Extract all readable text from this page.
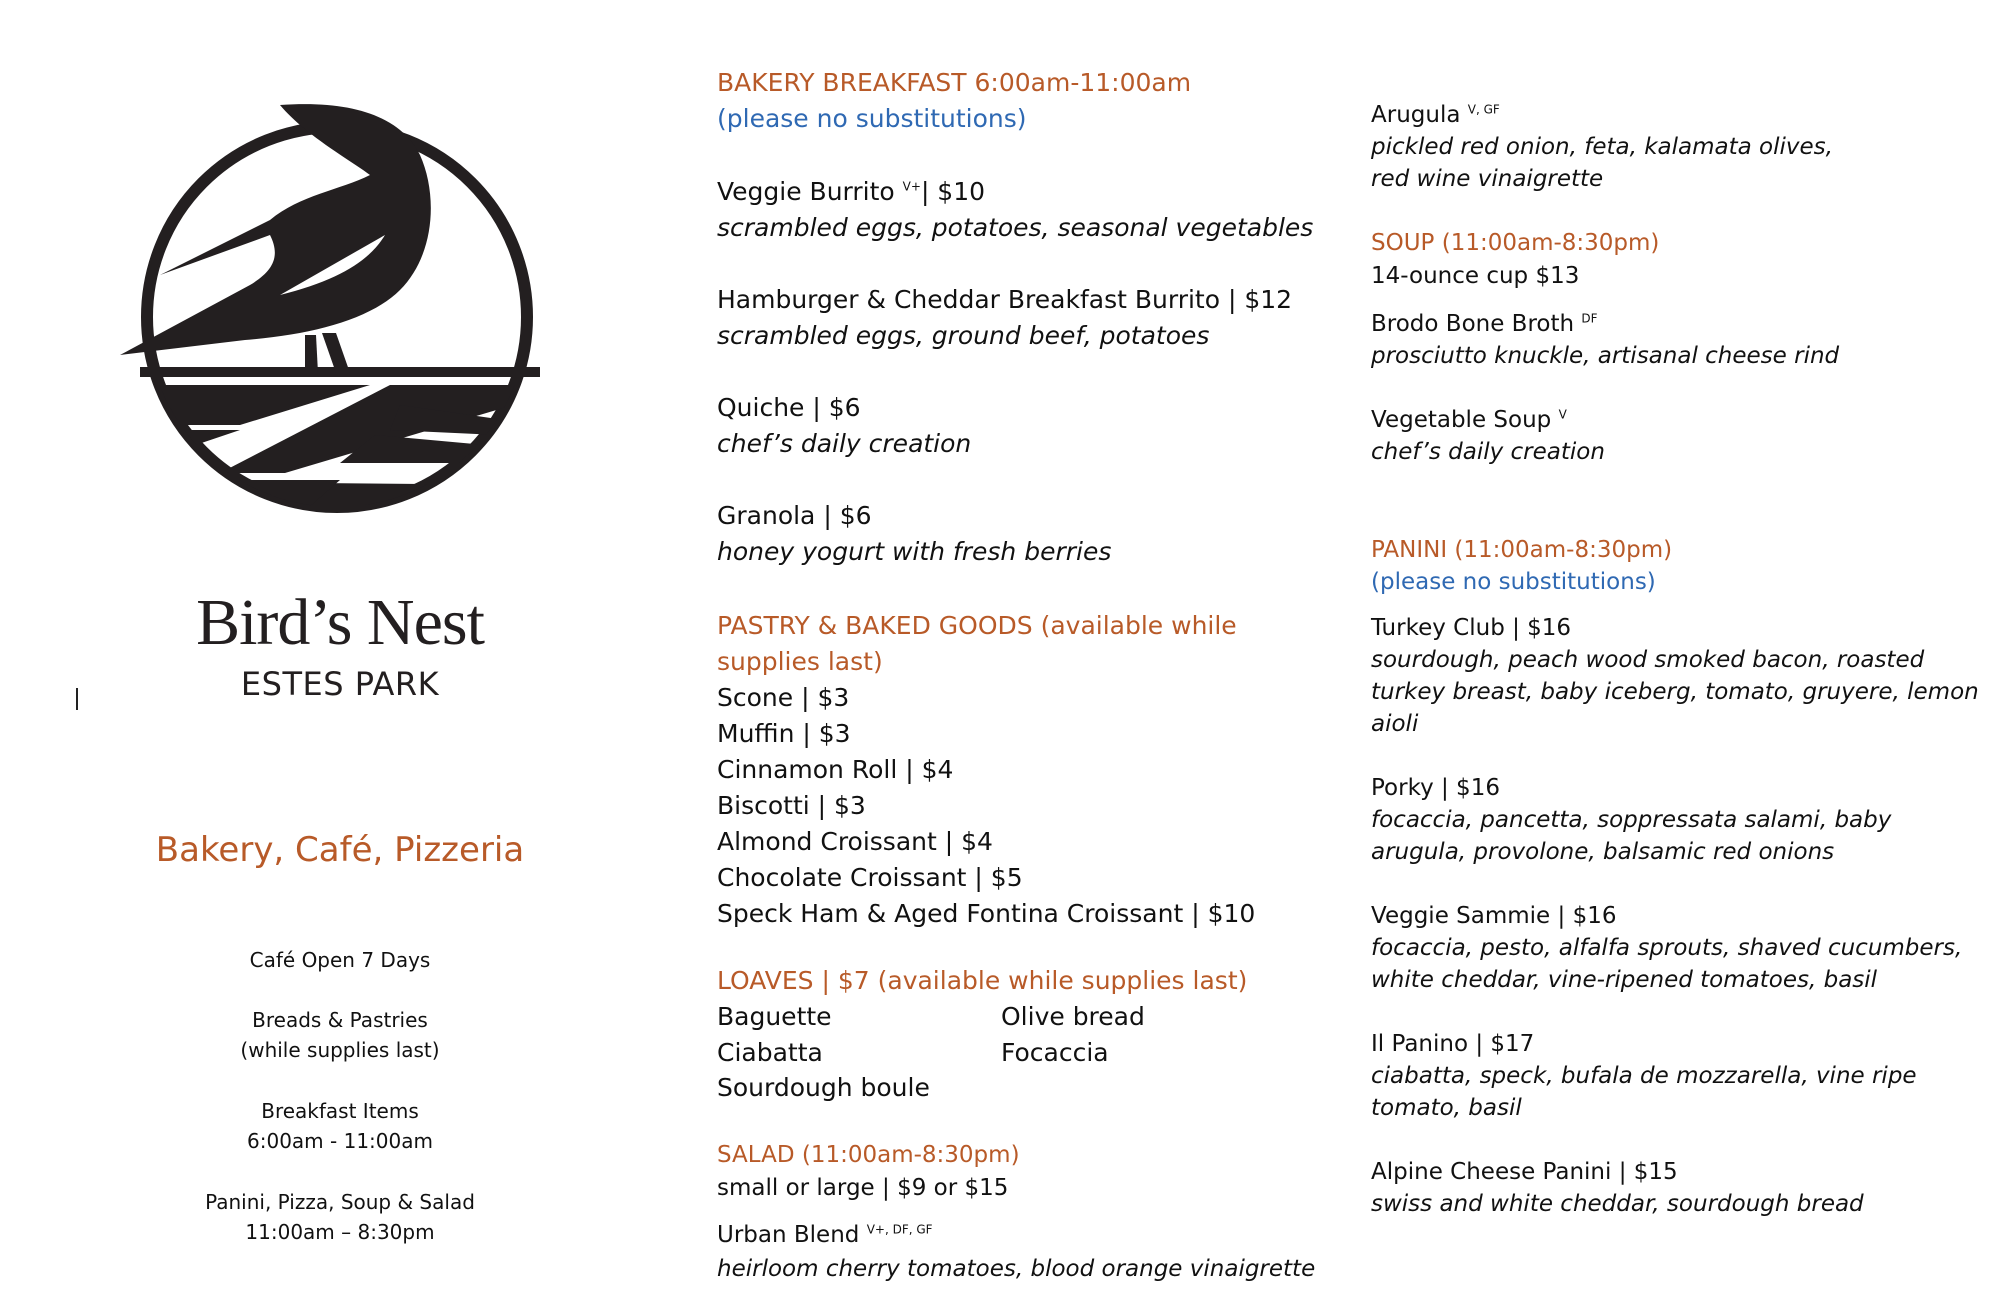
Bird’s Nest
ESTES PARK
Bakery, Café, Pizzeria
Café Open 7 Days
Breads & Pastries
(while supplies last)
Breakfast Items
6:00am - 11:00am
Panini, Pizza, Soup & Salad
11:00am – 8:30pm
BAKERY BREAKFAST 6:00am-11:00am
(please no substitutions)
Veggie Burrito $^{V+}$| $10
scrambled eggs, potatoes, seasonal vegetables
Hamburger & Cheddar Breakfast Burrito | $12
scrambled eggs, ground beef, potatoes
Quiche | $6
chef’s daily creation
Granola | $6
honey yogurt with fresh berries
PASTRY & BAKED GOODS (available while
supplies last)
Scone | $3
Muffin | $3
Cinnamon Roll | $4
Biscotti | $3
Almond Croissant | $4
Chocolate Croissant | $5
Speck Ham & Aged Fontina Croissant | $10
LOAVES | $7 (available while supplies last)
Baguette	Olive bread
Ciabatta	Focaccia
Sourdough boule
SALAD (11:00am-8:30pm)
small or large | $9 or $15
Urban Blend $^{V+, DF, GF}$
heirloom cherry tomatoes, blood orange vinaigrette
Arugula $^{V, GF}$
pickled red onion, feta, kalamata olives,
red wine vinaigrette
SOUP (11:00am-8:30pm)
14-ounce cup $13
Brodo Bone Broth $^{DF}$
prosciutto knuckle, artisanal cheese rind
Vegetable Soup $^V$
chef’s daily creation
PANINI (11:00am-8:30pm)
(please no substitutions)
Turkey Club | $16
sourdough, peach wood smoked bacon, roasted
turkey breast, baby iceberg, tomato, gruyere, lemon
aioli
Porky | $16
focaccia, pancetta, soppressata salami, baby
arugula, provolone, balsamic red onions
Veggie Sammie | $16
focaccia, pesto, alfalfa sprouts, shaved cucumbers,
white cheddar, vine-ripened tomatoes, basil
Il Panino | $17
ciabatta, speck, bufala de mozzarella, vine ripe
tomato, basil
Alpine Cheese Panini | $15
swiss and white cheddar, sourdough bread
